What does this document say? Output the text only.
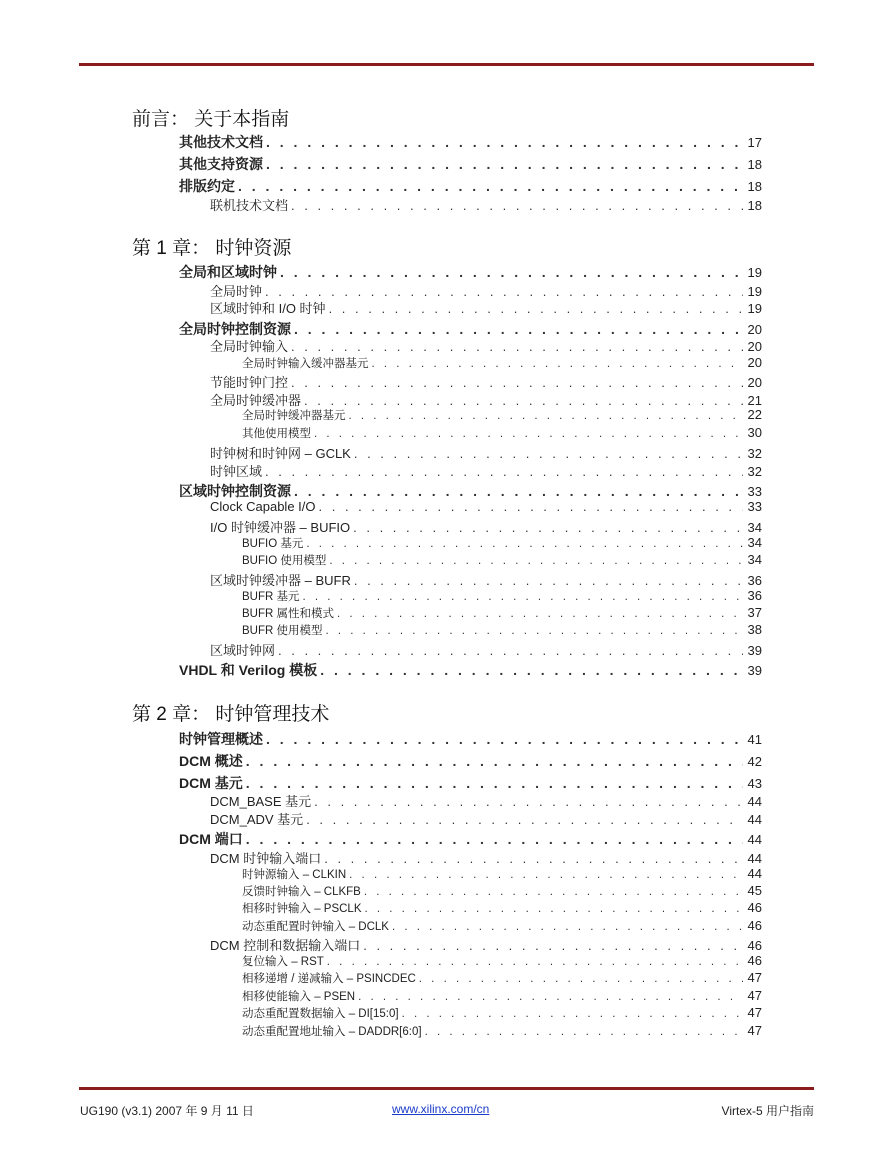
前言： 关于本指南
其他技术文档 . . .	17
其他支持资源 . . .	18
排版约定 . . .	18
联机技术文档 . . .	18
第 1 章： 时钟资源
全局和区域时钟 . . .	19
全局时钟 . . .	19
区域时钟和 I/O 时钟 . . .	19
全局时钟控制资源 . . .	20
全局时钟输入 . . .	20
全局时钟输入缓冲器基元 . . .	20
节能时钟门控 . . .	20
全局时钟缓冲器 . . .	21
全局时钟缓冲器基元 . . .	22
其他使用模型 . . .	30
时钟树和时钟网 – GCLK . . .	32
时钟区域 . . .	32
区域时钟控制资源 . . .	33
Clock Capable I/O . . .	33
I/O 时钟缓冲器 – BUFIO . . .	34
BUFIO 基元 . . .	34
BUFIO 使用模型 . . .	34
区域时钟缓冲器 – BUFR . . .	36
BUFR 基元 . . .	36
BUFR 属性和模式 . . .	37
BUFR 使用模型 . . .	38
区域时钟网 . . .	39
VHDL 和 Verilog 模板 . . .	39
第 2 章： 时钟管理技术
时钟管理概述 . . .	41
DCM 概述 . . .	42
DCM 基元 . . .	43
DCM_BASE 基元 . . .	44
DCM_ADV 基元 . . .	44
DCM 端口 . . .	44
DCM 时钟输入端口 . . .	44
时钟源输入 – CLKIN . . .	44
反馈时钟输入 – CLKFB . . .	45
相移时钟输入 – PSCLK . . .	46
动态重配置时钟输入 – DCLK . . .	46
DCM 控制和数据输入端口 . . .	46
复位输入 – RST . . .	46
相移递增 / 递减输入 – PSINCDEC . . .	47
相移使能输入 – PSEN . . .	47
动态重配置数据输入 – DI[15:0] . . .	47
动态重配置地址输入 – DADDR[6:0] . . .	47
UG190 (v3.1) 2007 年 9 月 11 日	www.xilinx.com/cn	Virtex-5 用户指南
